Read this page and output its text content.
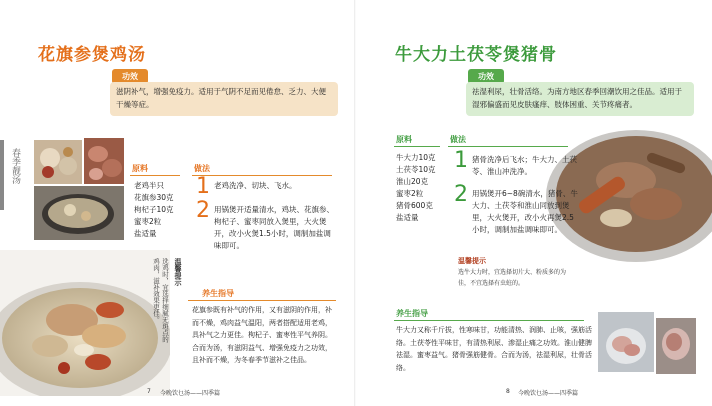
花旗参煲鸡汤
功效
滋阴补气，增强免疫力。适用于气阴不足而见倦怠、乏力、大便干燥等症。
春季靓汤	原料
老鸡半只
花旗参30克
枸杞子10克
蜜枣2粒
盐适量
做法
1 老鸡洗净、切块、飞水。
2 用锅煲开适量清水，鸡块、花旗参、枸杞子、蜜枣同放入煲里，大火煲开，改小火煲1.5小时，调制加盐调味即可。
温馨提示
选鸡时，宜选择细腻无斑点的鸡肉，滋补效果更佳。	养生指导
花旗参既有补气的作用，又有滋阴的作用，补而不燥，鸡肉益气温阳，两者搭配适用老鸡，具补气之力更佳。枸杞子、蜜枣性平气养阴。合而为汤，有滋阴益气、增强免疫力之功效，且补而不燥，为冬春季节滋补之佳品。
7 今晚饮乜汤——四季篇
牛大力土茯苓煲猪骨
功效
祛湿利尿，壮骨活络。为南方地区春季回潮饮用之佳品。适用于湿邪偏盛而见皮肤瘙痒、肢体困重、关节疼痛者。
原料
牛大力10克
土茯苓10克
淮山20克
蜜枣2粒
猪骨600克
盐适量
做法
1 猪骨洗净后飞水；牛大力、土茯苓、淮山冲洗净。
2 用锅煲开6~8碗清水，猪骨、牛大力、土茯苓和淮山同放到煲里，大火煲开，改小火再煲2.5小时，调制加盐调味即可。
温馨提示
选牛大力时，宜选择切片大、粉质多的为佳，不宜选择有虫蛀的。
养生指导
牛大力又称千斤拔，性寒味甘，功能清热、润肺、止咳，强筋活络。土茯苓性平味甘，有清热利尿、渗湿止痛之功效。淮山健脾祛湿。蜜枣益气。猪骨强筋健骨。合而为汤，祛湿利尿，壮骨活络。
8 今晚饮乜汤——四季篇
